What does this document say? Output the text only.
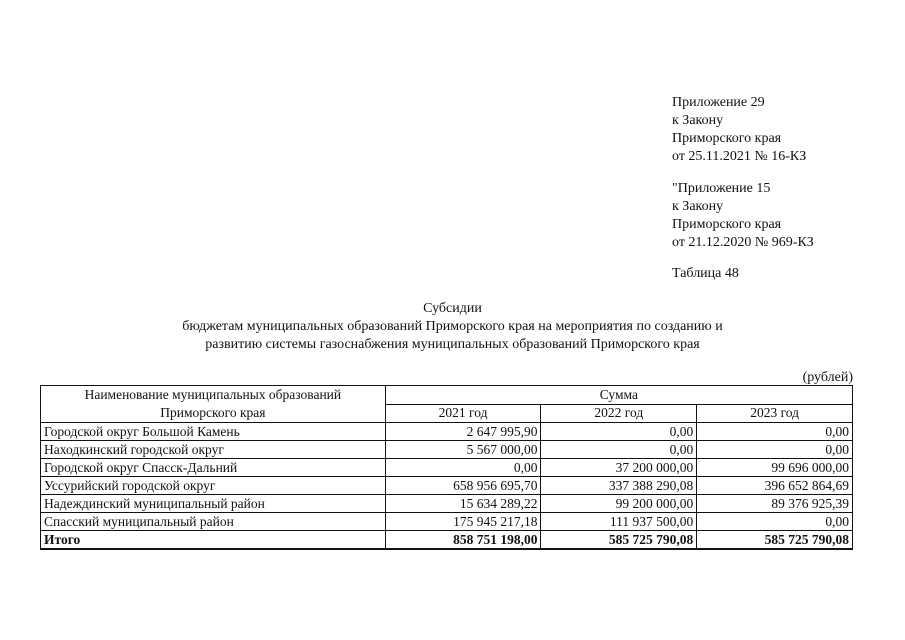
Приложение 29
к Закону
Приморского края
от 25.11.2021 № 16-КЗ
"Приложение 15
к Закону
Приморского края
от 21.12.2020 № 969-КЗ
Таблица 48
Субсидии
бюджетам муниципальных образований Приморского края на мероприятия по созданию и
развитию системы газоснабжения муниципальных образований Приморского края
(рублей)
Наименование муниципальных образований
Приморского края	Сумма		
	2021 год	2022 год	2023 год
Городской округ Большой Камень	2 647 995,90	0,00	0,00
Находкинский городской округ	5 567 000,00	0,00	0,00
Городской округ Спасск-Дальний	0,00	37 200 000,00	99 696 000,00
Уссурийский городской округ	658 956 695,70	337 388 290,08	396 652 864,69
Надеждинский муниципальный район	15 634 289,22	99 200 000,00	89 376 925,39
Спасский муниципальный район	175 945 217,18	111 937 500,00	0,00
Итого	858 751 198,00	585 725 790,08	585 725 790,08
